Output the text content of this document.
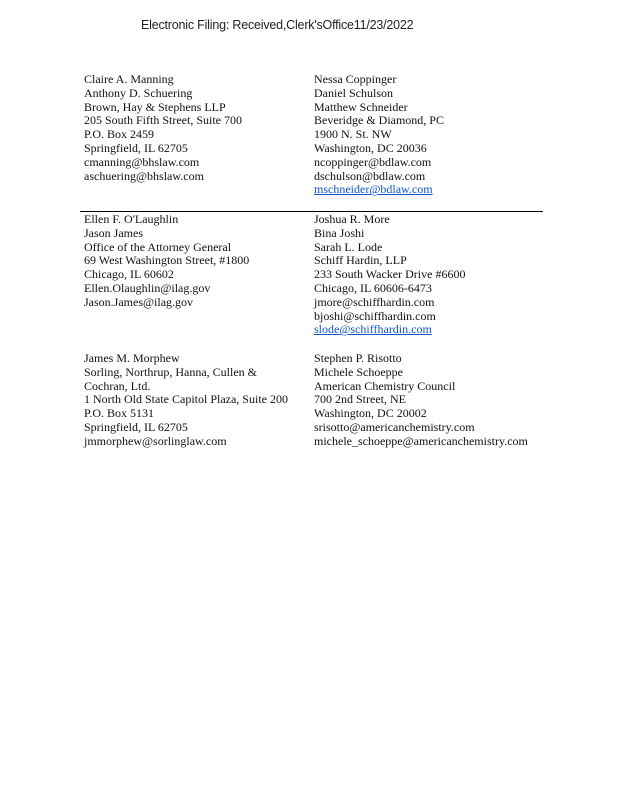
Electronic Filing: Received,Clerk'sOffice11/23/2022
Claire A. Manning
Anthony D. Schuering
Brown, Hay & Stephens LLP
205 South Fifth Street, Suite 700
P.O. Box 2459
Springfield, IL 62705
cmanning@bhslaw.com
aschuering@bhslaw.com
Nessa Coppinger
Daniel Schulson
Matthew Schneider
Beveridge & Diamond, PC
1900 N. St. NW
Washington, DC 20036
ncoppinger@bdlaw.com
dschulson@bdlaw.com
mschneider@bdlaw.com
Ellen F. O'Laughlin
Jason James
Office of the Attorney General
69 West Washington Street, #1800
Chicago, IL 60602
Ellen.Olaughlin@ilag.gov
Jason.James@ilag.gov
Joshua R. More
Bina Joshi
Sarah L. Lode
Schiff Hardin, LLP
233 South Wacker Drive #6600
Chicago, IL 60606-6473
jmore@schiffhardin.com
bjoshi@schiffhardin.com
slode@schiffhardin.com
James M. Morphew
Sorling, Northrup, Hanna, Cullen &
Cochran, Ltd.
1 North Old State Capitol Plaza, Suite 200
P.O. Box 5131
Springfield, IL 62705
jmmorphew@sorlinglaw.com
Stephen P. Risotto
Michele Schoeppe
American Chemistry Council
700 2nd Street, NE
Washington, DC 20002
srisotto@americanchemistry.com
michele_schoeppe@americanchemistry.com
